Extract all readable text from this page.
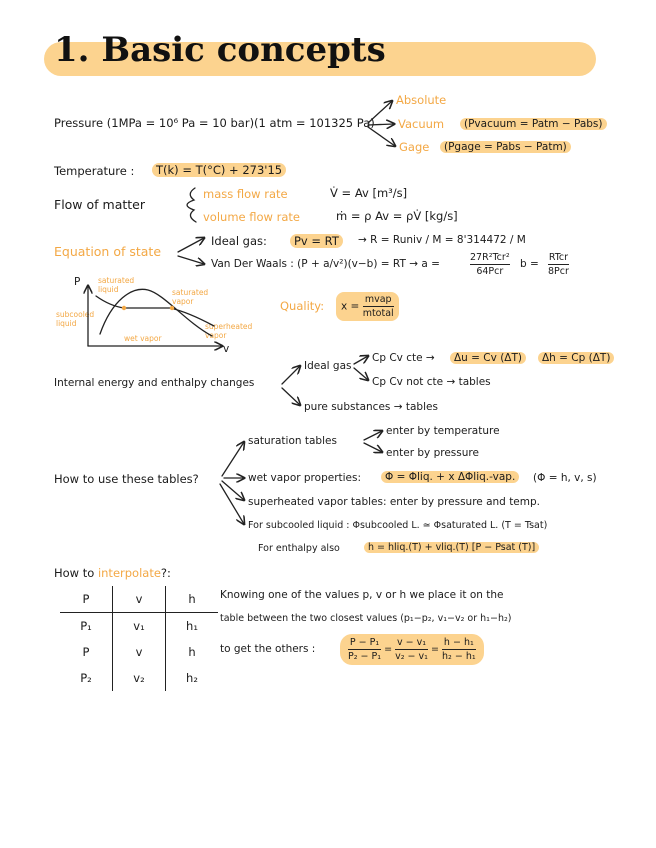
1. Basic concepts
Pressure (1MPa = 10⁶ Pa = 10 bar)(1 atm = 101325 Pa)
Absolute
Vacuum	(Pvacuum = Patm − Pabs)
Gage	(Pgage = Pabs − Patm)
Temperature :	T(k) = T(°C) + 273'15
Flow of matter
mass flow rate	V̇ = Av [m³/s]
volume flow rate	ṁ = ρ Av = ρV̇ [kg/s]
Equation of state
Ideal gas:	Pv = RT	→ R = Runiv / M = 8'314472 / M
Van Der Waals : (P + a/v²)(v−b) = RT → a =	$\frac{\text{27R²Tcr²}}{\text{64Pcr}}$ $b = \frac{\text{RTcr}}{\text{8Pcr}}$
P
v
saturated liquid	saturated vapor
subcooled liquid	superheated vapor
wet vapor
Quality:	$x = \frac{\text{mvap}}{\text{mtotal}}$
Internal energy and enthalpy changes
Ideal gas
Cp Cv cte →	Δu = Cv (ΔT)	Δh = Cp (ΔT)
Cp Cv not cte → tables
pure substances → tables
How to use these tables?
saturation tables
enter by temperature
enter by pressure
wet vapor properties:	Φ = Φliq. + x ΔΦliq.-vap.	(Φ = h, v, s)
superheated vapor tables: enter by pressure and temp.
For subcooled liquid : Φsubcooled L. ≃ Φsaturated L. (T = Tsat)
For enthalpy also	h = hliq.(T) + vliq.(T) [P − Psat (T)]
How to interpolate?:
P	v	h
P₁	v₁	h₁
P	v	h
P₂	v₂	h₂
Knowing one of the values p, v or h we place it on the
table between the two closest values (p₁−p₂, v₁−v₂ or h₁−h₂)
to get the others :	$\frac{\text{P − P₁}}{\text{P₂ − P₁}} = \frac{\text{v − v₁}}{\text{v₂ − v₁}} = \frac{\text{h − h₁}}{\text{h₂ − h₁}}$
